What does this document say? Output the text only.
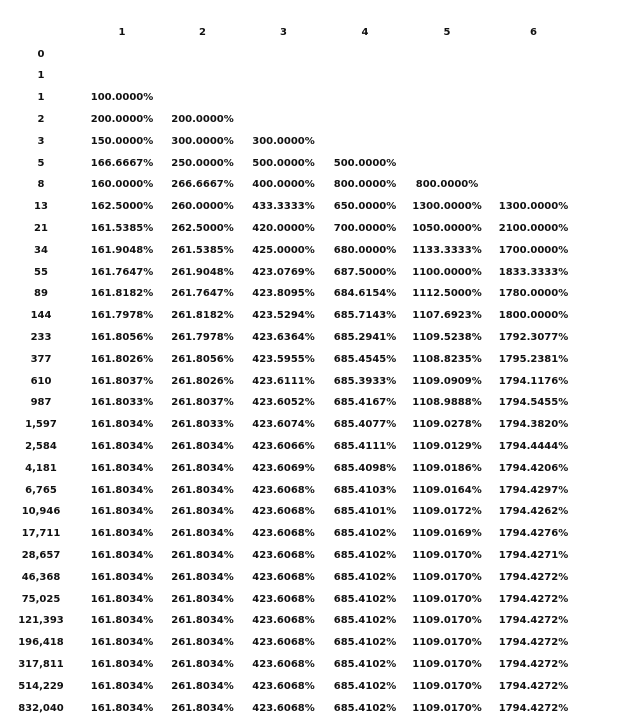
	1	2	3	4	5	6
0						
1						
1	100.0000%					
2	200.0000%	200.0000%				
3	150.0000%	300.0000%	300.0000%			
5	166.6667%	250.0000%	500.0000%	500.0000%		
8	160.0000%	266.6667%	400.0000%	800.0000%	800.0000%	
13	162.5000%	260.0000%	433.3333%	650.0000%	1300.0000%	1300.0000%
21	161.5385%	262.5000%	420.0000%	700.0000%	1050.0000%	2100.0000%
34	161.9048%	261.5385%	425.0000%	680.0000%	1133.3333%	1700.0000%
55	161.7647%	261.9048%	423.0769%	687.5000%	1100.0000%	1833.3333%
89	161.8182%	261.7647%	423.8095%	684.6154%	1112.5000%	1780.0000%
144	161.7978%	261.8182%	423.5294%	685.7143%	1107.6923%	1800.0000%
233	161.8056%	261.7978%	423.6364%	685.2941%	1109.5238%	1792.3077%
377	161.8026%	261.8056%	423.5955%	685.4545%	1108.8235%	1795.2381%
610	161.8037%	261.8026%	423.6111%	685.3933%	1109.0909%	1794.1176%
987	161.8033%	261.8037%	423.6052%	685.4167%	1108.9888%	1794.5455%
1,597	161.8034%	261.8033%	423.6074%	685.4077%	1109.0278%	1794.3820%
2,584	161.8034%	261.8034%	423.6066%	685.4111%	1109.0129%	1794.4444%
4,181	161.8034%	261.8034%	423.6069%	685.4098%	1109.0186%	1794.4206%
6,765	161.8034%	261.8034%	423.6068%	685.4103%	1109.0164%	1794.4297%
10,946	161.8034%	261.8034%	423.6068%	685.4101%	1109.0172%	1794.4262%
17,711	161.8034%	261.8034%	423.6068%	685.4102%	1109.0169%	1794.4276%
28,657	161.8034%	261.8034%	423.6068%	685.4102%	1109.0170%	1794.4271%
46,368	161.8034%	261.8034%	423.6068%	685.4102%	1109.0170%	1794.4272%
75,025	161.8034%	261.8034%	423.6068%	685.4102%	1109.0170%	1794.4272%
121,393	161.8034%	261.8034%	423.6068%	685.4102%	1109.0170%	1794.4272%
196,418	161.8034%	261.8034%	423.6068%	685.4102%	1109.0170%	1794.4272%
317,811	161.8034%	261.8034%	423.6068%	685.4102%	1109.0170%	1794.4272%
514,229	161.8034%	261.8034%	423.6068%	685.4102%	1109.0170%	1794.4272%
832,040	161.8034%	261.8034%	423.6068%	685.4102%	1109.0170%	1794.4272%
